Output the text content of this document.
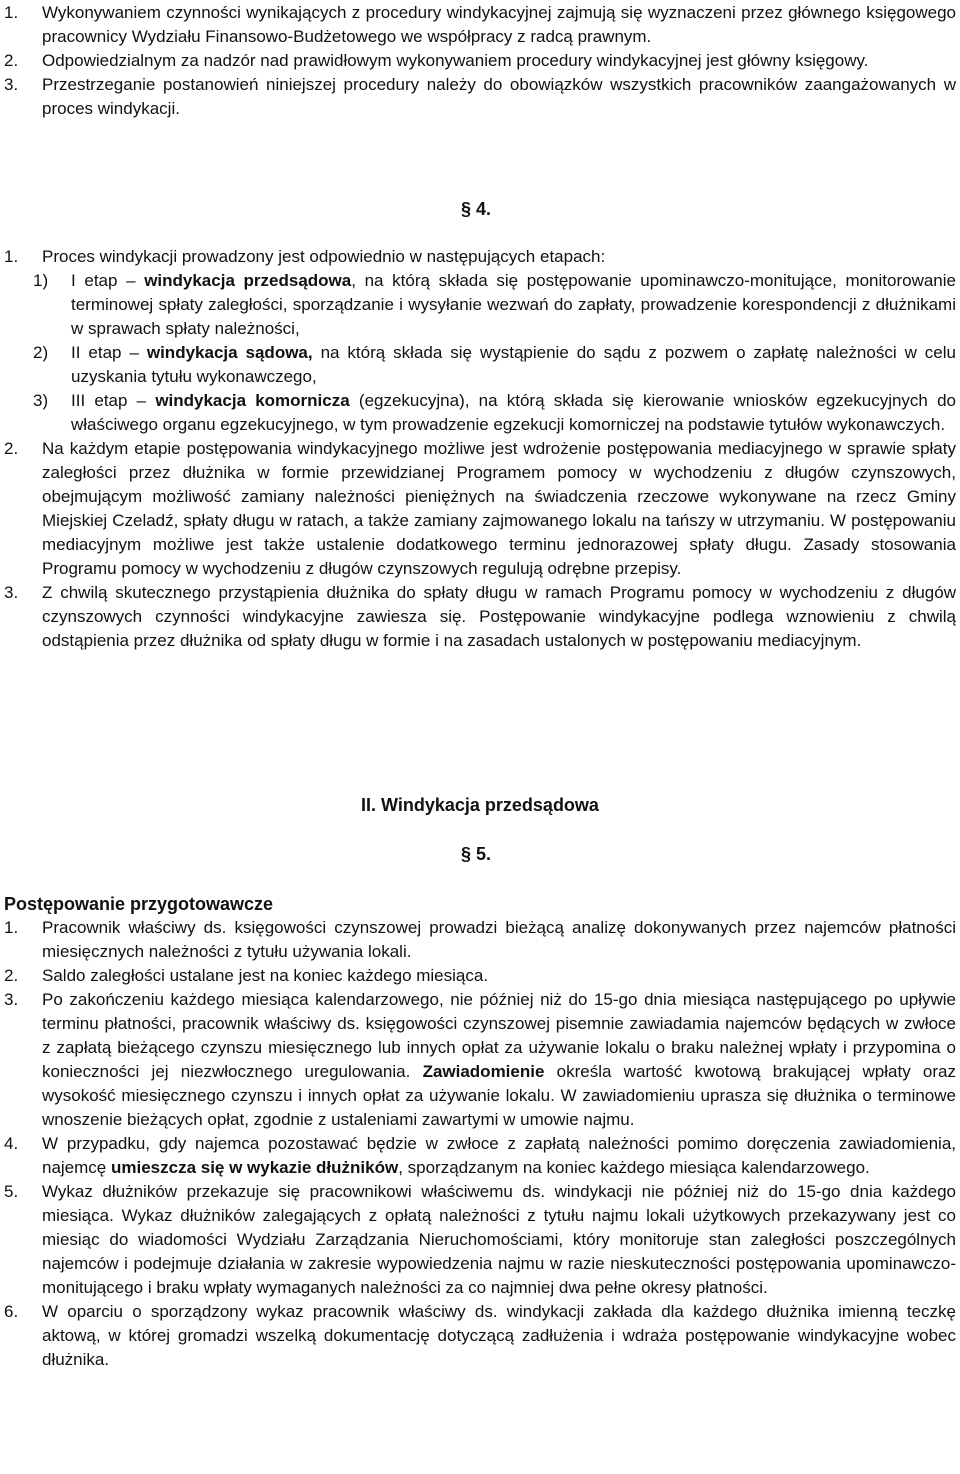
1. Wykonywaniem czynności wynikających z procedury windykacyjnej zajmują się wyznaczeni przez głównego księgowego pracownicy Wydziału Finansowo-Budżetowego we współpracy z radcą prawnym.

2. Odpowiedzialnym za nadzór nad prawidłowym wykonywaniem procedury windykacyjnej jest główny księgowy.

3. Przestrzeganie postanowień niniejszej procedury należy do obowiązków wszystkich pracowników zaangażowanych w proces windykacji.

§ 4.

1. Proces windykacji prowadzony jest odpowiednio w następujących etapach:

1) I etap – windykacja przedsądowa, na którą składa się postępowanie upominawczo-monitujące, monitorowanie terminowej spłaty zaległości, sporządzanie i wysyłanie wezwań do zapłaty, prowadzenie korespondencji z dłużnikami w sprawach spłaty należności,

2) II etap – windykacja sądowa, na którą składa się wystąpienie do sądu z pozwem o zapłatę należności w celu uzyskania tytułu wykonawczego,

3) III etap – windykacja komornicza (egzekucyjna), na którą składa się kierowanie wniosków egzekucyjnych do właściwego organu egzekucyjnego, w tym prowadzenie egzekucji komorniczej na podstawie tytułów wykonawczych.

2. Na każdym etapie postępowania windykacyjnego możliwe jest wdrożenie postępowania mediacyjnego w sprawie spłaty zaległości przez dłużnika w formie przewidzianej Programem pomocy w wychodzeniu z długów czynszowych, obejmującym możliwość zamiany należności pieniężnych na świadczenia rzeczowe wykonywane na rzecz Gminy Miejskiej Czeladź, spłaty długu w ratach, a także zamiany zajmowanego lokalu na tańszy w utrzymaniu. W postępowaniu mediacyjnym możliwe jest także ustalenie dodatkowego terminu jednorazowej spłaty długu. Zasady stosowania Programu pomocy w wychodzeniu z długów czynszowych regulują odrębne przepisy.

3. Z chwilą skutecznego przystąpienia dłużnika do spłaty długu w ramach Programu pomocy w wychodzeniu z długów czynszowych czynności windykacyjne zawiesza się. Postępowanie windykacyjne podlega wznowieniu z chwilą odstąpienia przez dłużnika od spłaty długu w formie i na zasadach ustalonych w postępowaniu mediacyjnym.

II. Windykacja przedsądowa
§ 5.
Postępowanie przygotowawcze

1. Pracownik właściwy ds. księgowości czynszowej prowadzi bieżącą analizę dokonywanych przez najemców płatności miesięcznych należności z tytułu używania lokali.

2. Saldo zaległości ustalane jest na koniec każdego miesiąca.

3. Po zakończeniu każdego miesiąca kalendarzowego, nie później niż do 15-go dnia miesiąca następującego po upływie terminu płatności, pracownik właściwy ds. księgowości czynszowej pisemnie zawiadamia najemców będących w zwłoce z zapłatą bieżącego czynszu miesięcznego lub innych opłat za używanie lokalu o braku należnej wpłaty i przypomina o konieczności jej niezwłocznego uregulowania. Zawiadomienie określa wartość kwotową brakującej wpłaty oraz wysokość miesięcznego czynszu i innych opłat za używanie lokalu. W zawiadomieniu uprasza się dłużnika o terminowe wnoszenie bieżących opłat, zgodnie z ustaleniami zawartymi w umowie najmu.

4. W przypadku, gdy najemca pozostawać będzie w zwłoce z zapłatą należności pomimo doręczenia zawiadomienia, najemcę umieszcza się w wykazie dłużników, sporządzanym na koniec każdego miesiąca kalendarzowego.

5. Wykaz dłużników przekazuje się pracownikowi właściwemu ds. windykacji nie później niż do 15-go dnia każdego miesiąca. Wykaz dłużników zalegających z opłatą należności z tytułu najmu lokali użytkowych przekazywany jest co miesiąc do wiadomości Wydziału Zarządzania Nieruchomościami, który monitoruje stan zaległości poszczególnych najemców i podejmuje działania w zakresie wypowiedzenia najmu w razie nieskuteczności postępowania upominawczo-monitującego i braku wpłaty wymaganych należności za co najmniej dwa pełne okresy płatności.

6. W oparciu o sporządzony wykaz pracownik właściwy ds. windykacji zakłada dla każdego dłużnika imienną teczkę aktową, w której gromadzi wszelką dokumentację dotyczącą zadłużenia i wdraża postępowanie windykacyjne wobec dłużnika.
